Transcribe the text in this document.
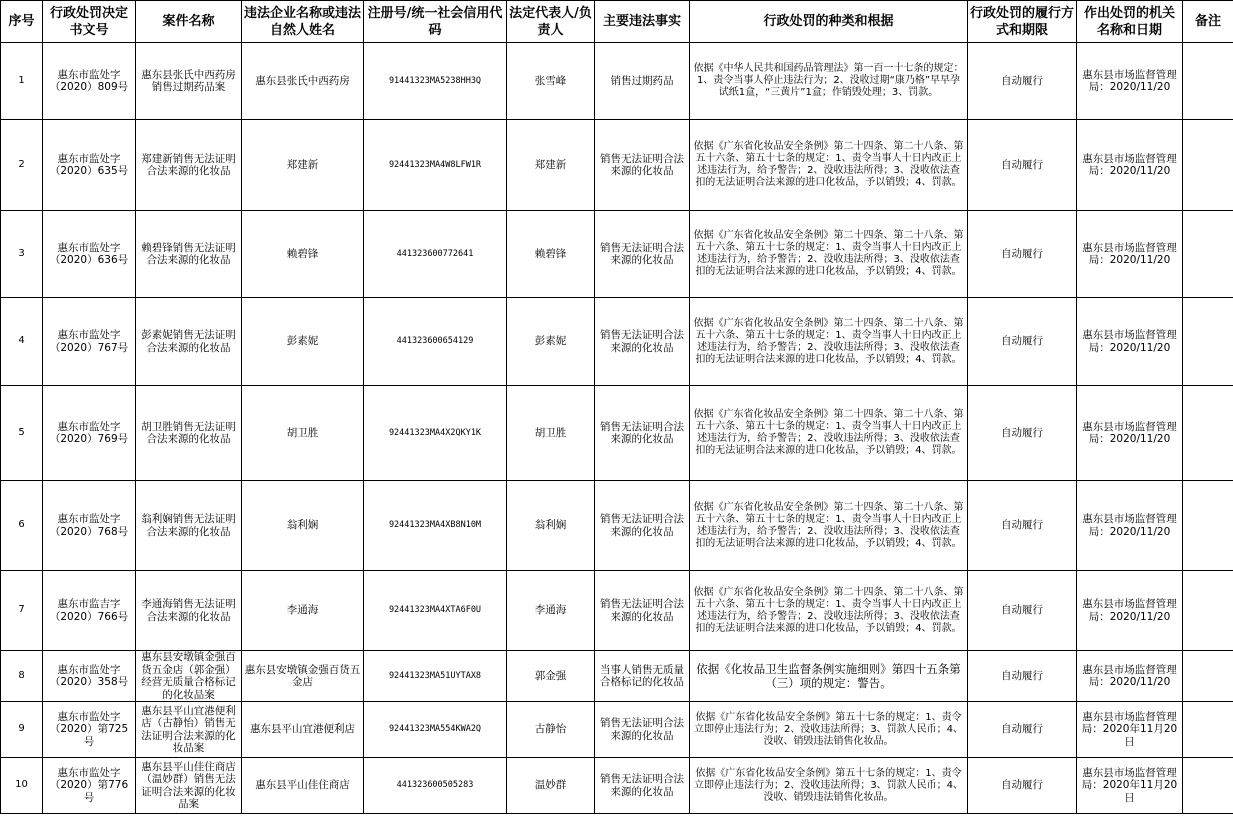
序号	行政处罚决定书文号	案件名称	违法企业名称或违法自然人姓名	注册号/统一社会信用代码	法定代表人/负责人	主要违法事实	行政处罚的种类和根据	行政处罚的履行方式和期限	作出处罚的机关名称和日期	备注
1	惠东市监处字（2020）809号	惠东县张氏中西药房销售过期药品案	惠东县张氏中西药房	91441323MA5238HH3Q	张雪峰	销售过期药品	依据《中华人民共和国药品管理法》第一百一十七条的规定：1、责令当事人停止违法行为；2、没收过期“康乃格”早早孕试纸1盒，“三黄片”1盒；作销毁处理；3、罚款。	自动履行	惠东县市场监督管理局：2020/11/20	
2	惠东市监处字（2020）635号	郑建新销售无法证明合法来源的化妆品	郑建新	92441323MA4W8LFW1R	郑建新	销售无法证明合法来源的化妆品	依据《广东省化妆品安全条例》第二十四条、第二十八条、第五十六条、第五十七条的规定：1、责令当事人十日内改正上述违法行为，给予警告；2、没收违法所得；3、没收依法查扣的无法证明合法来源的进口化妆品，予以销毁；4、罚款。	自动履行	惠东县市场监督管理局：2020/11/20	
3	惠东市监处字（2020）636号	赖碧锋销售无法证明合法来源的化妆品	赖碧锋	441323600772641	赖碧锋	销售无法证明合法来源的化妆品	依据《广东省化妆品安全条例》第二十四条、第二十八条、第五十六条、第五十七条的规定：1、责令当事人十日内改正上述违法行为，给予警告；2、没收违法所得；3、没收依法查扣的无法证明合法来源的进口化妆品，予以销毁；4、罚款。	自动履行	惠东县市场监督管理局：2020/11/20	
4	惠东市监处字（2020）767号	彭素妮销售无法证明合法来源的化妆品	彭素妮	441323600654129	彭素妮	销售无法证明合法来源的化妆品	依据《广东省化妆品安全条例》第二十四条、第二十八条、第五十六条、第五十七条的规定：1、责令当事人十日内改正上述违法行为，给予警告；2、没收违法所得；3、没收依法查扣的无法证明合法来源的进口化妆品，予以销毁；4、罚款。	自动履行	惠东县市场监督管理局：2020/11/20	
5	惠东市监处字（2020）769号	胡卫胜销售无法证明合法来源的化妆品	胡卫胜	92441323MA4X2QKY1K	胡卫胜	销售无法证明合法来源的化妆品	依据《广东省化妆品安全条例》第二十四条、第二十八条、第五十六条、第五十七条的规定：1、责令当事人十日内改正上述违法行为，给予警告；2、没收违法所得；3、没收依法查扣的无法证明合法来源的进口化妆品，予以销毁；4、罚款。	自动履行	惠东县市场监督管理局：2020/11/20	
6	惠东市监处字（2020）768号	翁利娴销售无法证明合法来源的化妆品	翁利娴	92441323MA4XB8N10M	翁利娴	销售无法证明合法来源的化妆品	依据《广东省化妆品安全条例》第二十四条、第二十八条、第五十六条、第五十七条的规定：1、责令当事人十日内改正上述违法行为，给予警告；2、没收违法所得；3、没收依法查扣的无法证明合法来源的进口化妆品，予以销毁；4、罚款。	自动履行	惠东县市场监督管理局：2020/11/20	
7	惠东市监吉字（2020）766号	李通海销售无法证明合法来源的化妆品	李通海	92441323MA4XTA6F0U	李通海	销售无法证明合法来源的化妆品	依据《广东省化妆品安全条例》第二十四条、第二十八条、第五十六条、第五十七条的规定：1、责令当事人十日内改正上述违法行为，给予警告；2、没收违法所得；3、没收依法查扣的无法证明合法来源的进口化妆品，予以销毁；4、罚款。	自动履行	惠东县市场监督管理局：2020/11/20	
8	惠东市监处字（2020）358号	惠东县安墩镇金强百货五金店（郭金强）经营无质量合格标记的化妆品案	惠东县安墩镇金强百货五金店	92441323MA51UYTAX8	郭金强	当事人销售无质量合格标记的化妆品	依据《化妆品卫生监督条例实施细则》第四十五条第（三）项的规定：警告。	自动履行	惠东县市场监督管理局：2020/11/20	
9	惠东市监处字（2020）第725号	惠东县平山宜港便利店（古静怡）销售无法证明合法来源的化妆品案	惠东县平山宜港便利店	92441323MA554KWA2Q	古静怡	销售无法证明合法来源的化妆品	依据《广东省化妆品安全条例》第五十七条的规定：1、责令立即停止违法行为；2、没收违法所得；3、罚款人民币；4、没收、销毁违法销售化妆品。	自动履行	惠东县市场监督管理局：2020年11月20日	
10	惠东市监处字（2020）第776号	惠东县平山佳住商店（温妙群）销售无法证明合法来源的化妆品案	惠东县平山佳住商店	441323600505283	温妙群	销售无法证明合法来源的化妆品	依据《广东省化妆品安全条例》第五十七条的规定：1、责令立即停止违法行为；2、没收违法所得；3、罚款人民币；4、没收、销毁违法销售化妆品。	自动履行	惠东县市场监督管理局：2020年11月20日	
